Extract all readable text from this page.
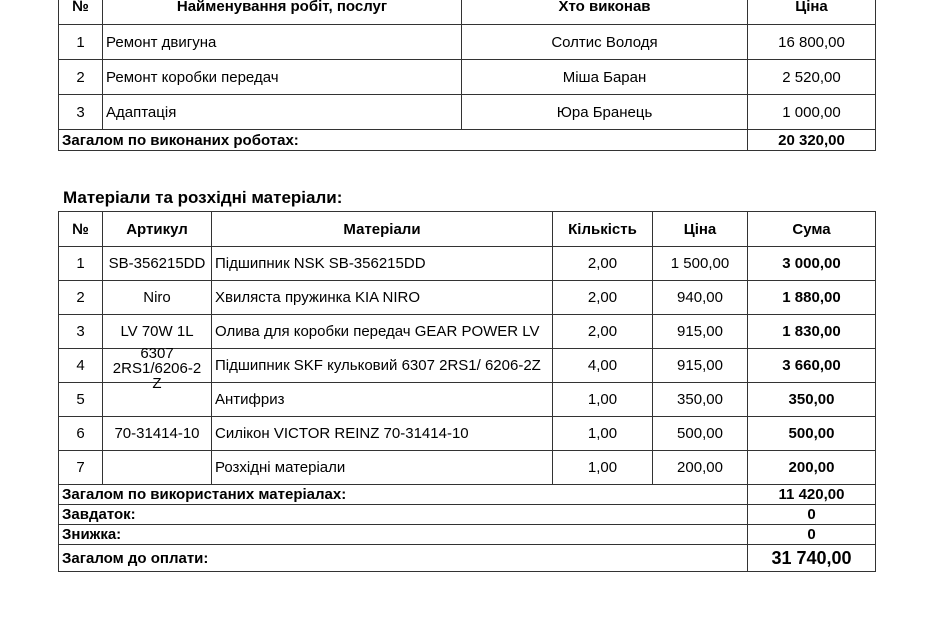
№	Найменування робіт, послуг	Хто виконав	Ціна
1	Ремонт двигуна	Солтис Володя	16 800,00
2	Ремонт коробки передач	Міша Баран	2 520,00
3	Адаптація	Юра Бранець	1 000,00
Загалом по виконаних роботах:			20 320,00
Матеріали та розхідні матеріали:
№	Артикул	Матеріали	Кількість	Ціна	Сума
1	SB-356215DD	Підшипник NSK SB-356215DD	2,00	1 500,00	3 000,00
2	Niro	Хвиляста пружинка KIA NIRO	2,00	940,00	1 880,00
3	LV 70W 1L	Олива для коробки передач GEAR POWER LV	2,00	915,00	1 830,00
4	6307
2RS1/6206-2
Z	Підшипник SKF кульковий 6307 2RS1/ 6206-2Z	4,00	915,00	3 660,00
5		Антифриз	1,00	350,00	350,00
6	70-31414-10	Силікон VICTOR REINZ 70-31414-10	1,00	500,00	500,00
7		Розхідні матеріали	1,00	200,00	200,00
Загалом по використаних матеріалах:					11 420,00
Завдаток:					0
Знижка:					0
Загалом до оплати:					31 740,00
